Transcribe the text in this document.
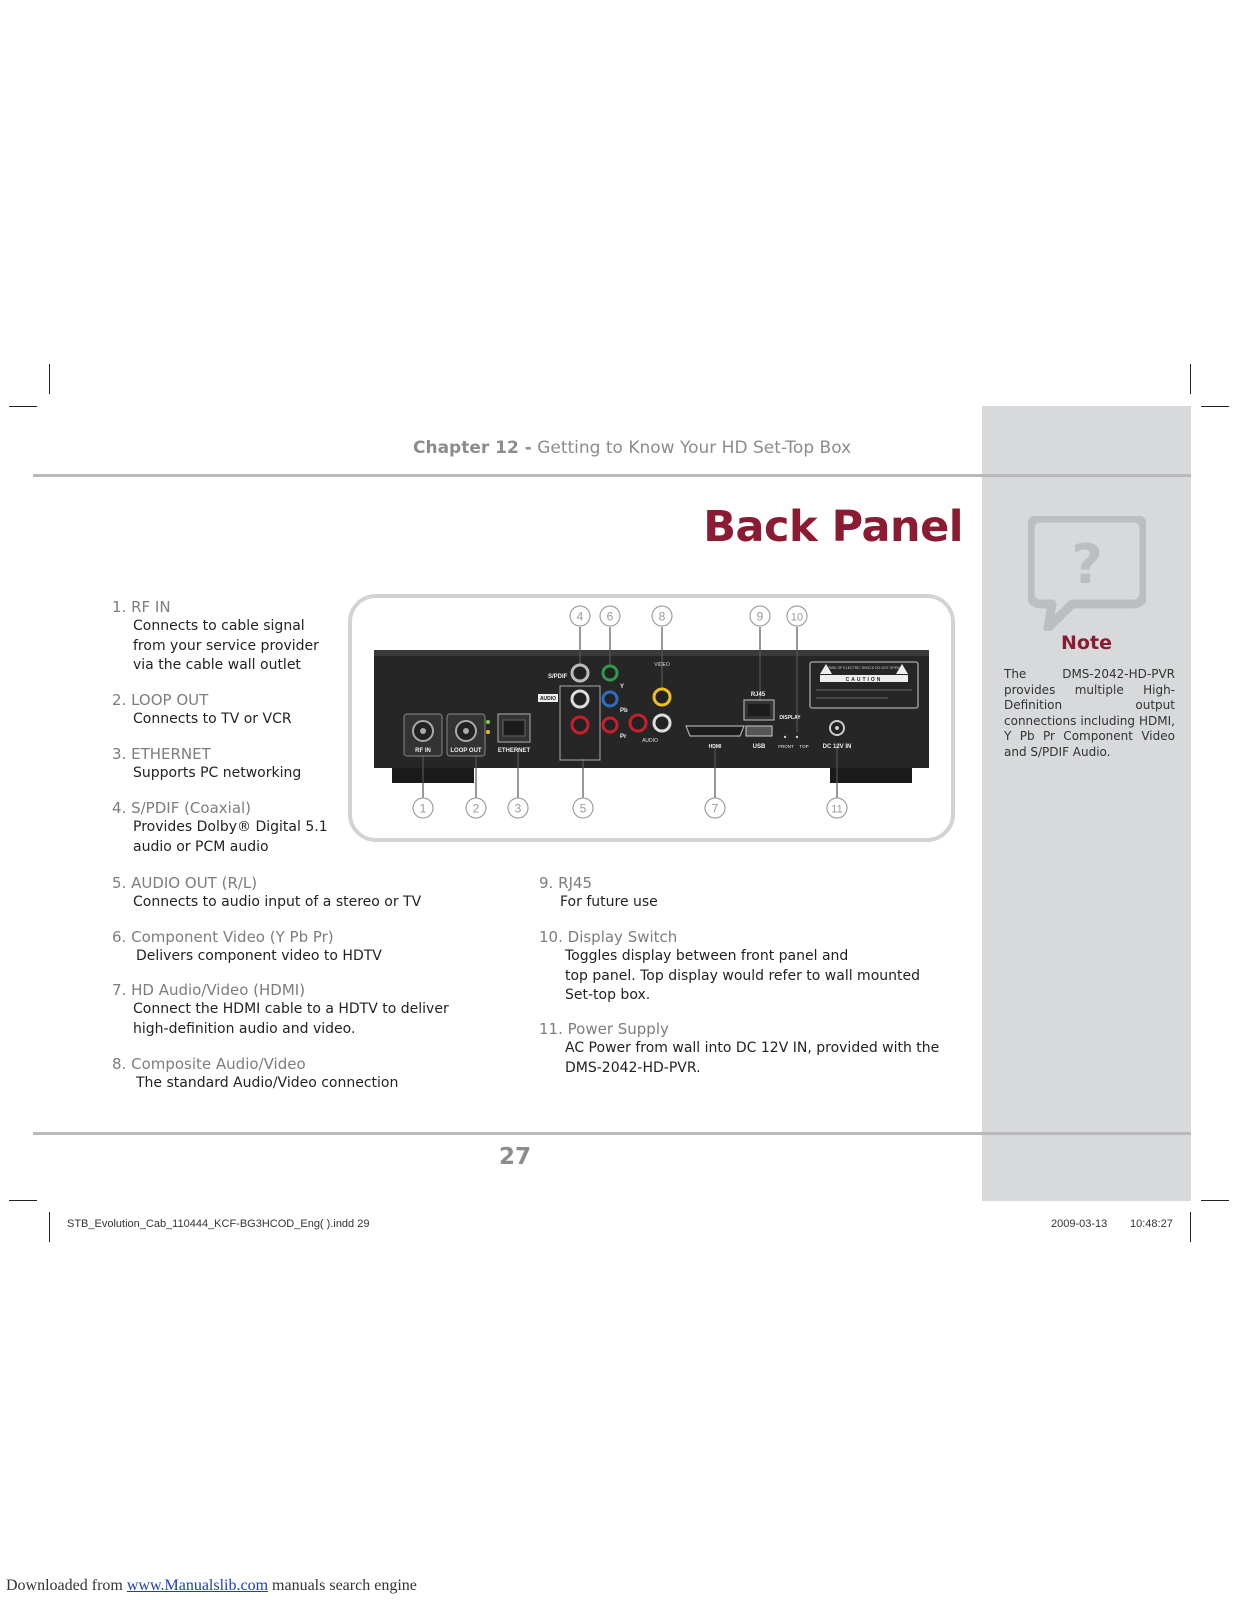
?
Note
The DMS-2042-HD-PVR provides multiple High-Definition output connections including HDMI, Y Pb Pr Component Video and S/PDIF Audio.
Chapter 12 - Getting to Know Your HD Set-Top Box
Back Panel
1. RF IN
Connects to cable signal
from your service provider
via the cable wall outlet
2. LOOP OUT
Connects to TV or VCR
3. ETHERNET
Supports PC networking
4. S/PDIF (Coaxial)
Provides Dolby® Digital 5.1
audio or PCM audio
5. AUDIO OUT (R/L)
Connects to audio input of a stereo or TV
6. Component Video (Y Pb Pr)
Delivers component video to HDTV
7. HD Audio/Video (HDMI)
Connect the HDMI cable to a HDTV to deliver
high-definition audio and video.
8. Composite Audio/Video
The standard Audio/Video connection
9. RJ45
For future use
10. Display Switch
Toggles display between front panel and
top panel. Top display would refer to wall mounted
Set-top box.
11. Power Supply
AC Power from wall into DC 12V IN, provided with the
DMS-2042-HD-PVR.
RF IN	LOOP OUT	ETHERNET
S/PDIF
AUDIO
Y
Pb
Pr
VIDEO
AUDIO
HDMI
RJ45
USB
DISPLAY
FRONT TOP DC 12V IN
RISK OF ELECTRIC SHOCK DO NOT OPEN
CAUTION
4 6	8	9	10
1	2	3	5	7	11
27
STB_Evolution_Cab_110444_KCF-BG3HCOD_Eng( ).indd 29	2009-03-13 10:48:27
Downloaded from www.Manualslib.com manuals search engine
